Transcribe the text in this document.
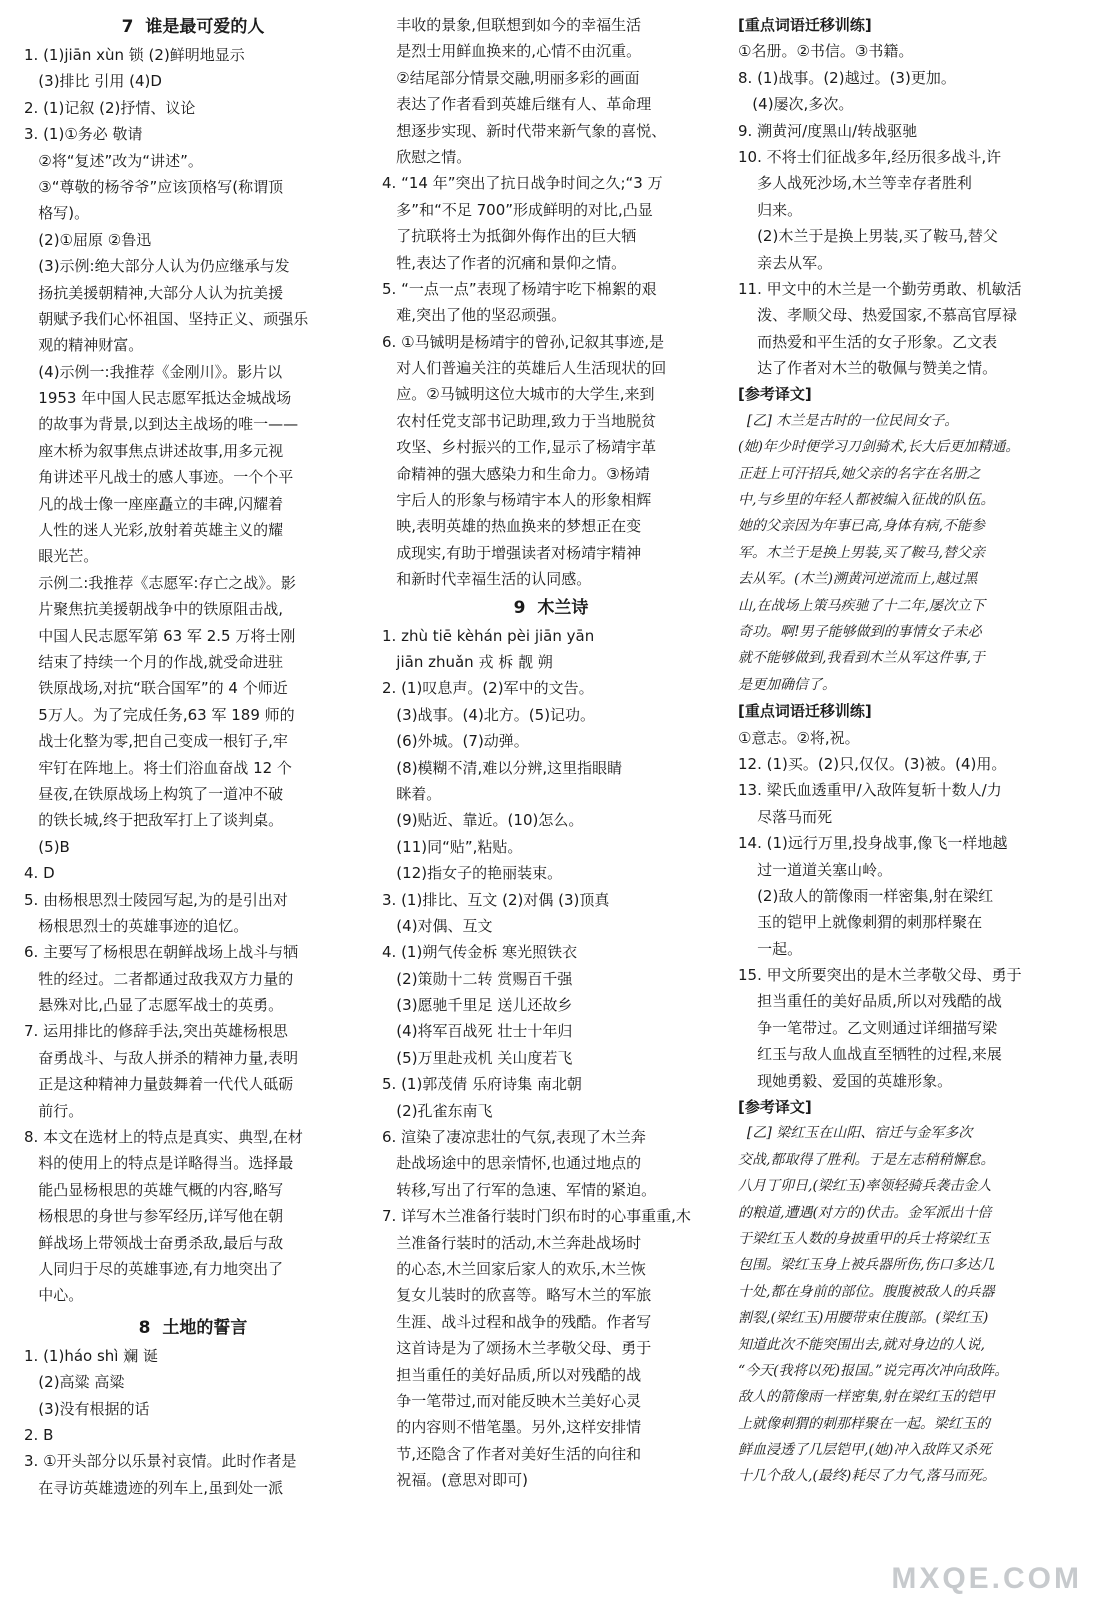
7  谁是最可爱的人
1. (1)jiān xùn 锁 (2)鲜明地显示
(3)排比 引用 (4)D
2. (1)记叙 (2)抒情、议论
3. (1)①务必 敬请
②将“复述”改为“讲述”。
③“尊敬的杨爷爷”应该顶格写(称谓顶
格写)。
(2)①屈原 ②鲁迅
(3)示例:绝大部分人认为仍应继承与发
扬抗美援朝精神,大部分人认为抗美援
朝赋予我们心怀祖国、坚持正义、顽强乐
观的精神财富。
(4)示例一:我推荐《金刚川》。影片以
1953 年中国人民志愿军抵达金城战场
的故事为背景,以到达主战场的唯一——
座木桥为叙事焦点讲述故事,用多元视
角讲述平凡战士的感人事迹。一个个平
凡的战士像一座座矗立的丰碑,闪耀着
人性的迷人光彩,放射着英雄主义的耀
眼光芒。
示例二:我推荐《志愿军:存亡之战》。影
片聚焦抗美援朝战争中的铁原阻击战,
中国人民志愿军第 63 军 2.5 万将士刚
结束了持续一个月的作战,就受命进驻
铁原战场,对抗“联合国军”的 4 个师近
5万人。为了完成任务,63 军 189 师的
战士化整为零,把自己变成一根钉子,牢
牢钉在阵地上。将士们浴血奋战 12 个
昼夜,在铁原战场上构筑了一道冲不破
的铁长城,终于把敌军打上了谈判桌。
(5)B
4. D
5. 由杨根思烈士陵园写起,为的是引出对
杨根思烈士的英雄事迹的追忆。
6. 主要写了杨根思在朝鲜战场上战斗与牺
牲的经过。二者都通过敌我双方力量的
悬殊对比,凸显了志愿军战士的英勇。
7. 运用排比的修辞手法,突出英雄杨根思
奋勇战斗、与敌人拼杀的精神力量,表明
正是这种精神力量鼓舞着一代代人砥砺
前行。
8. 本文在选材上的特点是真实、典型,在材
料的使用上的特点是详略得当。选择最
能凸显杨根思的英雄气概的内容,略写
杨根思的身世与参军经历,详写他在朝
鲜战场上带领战士奋勇杀敌,最后与敌
人同归于尽的英雄事迹,有力地突出了
中心。
8  土地的誓言
1. (1)háo shì 斓 诞
(2)高粱 高粱
(3)没有根据的话
2. B
3. ①开头部分以乐景衬哀情。此时作者是
在寻访英雄遗迹的列车上,虽到处一派
丰收的景象,但联想到如今的幸福生活
是烈士用鲜血换来的,心情不由沉重。
②结尾部分情景交融,明丽多彩的画面
表达了作者看到英雄后继有人、革命理
想逐步实现、新时代带来新气象的喜悦、
欣慰之情。
4. “14 年”突出了抗日战争时间之久;“3 万
多”和“不足 700”形成鲜明的对比,凸显
了抗联将士为抵御外侮作出的巨大牺
牲,表达了作者的沉痛和景仰之情。
5. “一点一点”表现了杨靖宇吃下棉絮的艰
难,突出了他的坚忍顽强。
6. ①马铖明是杨靖宇的曾孙,记叙其事迹,是
对人们普遍关注的英雄后人生活现状的回
应。②马铖明这位大城市的大学生,来到
农村任党支部书记助理,致力于当地脱贫
攻坚、乡村振兴的工作,显示了杨靖宇革
命精神的强大感染力和生命力。③杨靖
宇后人的形象与杨靖宇本人的形象相辉
映,表明英雄的热血换来的梦想正在变
成现实,有助于增强读者对杨靖宇精神
和新时代幸福生活的认同感。
9  木兰诗
1. zhù tiē kèhán pèi jiān yān
jiān zhuǎn 戎 柝 靓 朔
2. (1)叹息声。(2)军中的文告。
(3)战事。(4)北方。(5)记功。
(6)外城。(7)动弹。
(8)模糊不清,难以分辨,这里指眼睛
眯着。
(9)贴近、靠近。(10)怎么。
(11)同“贴”,粘贴。
(12)指女子的艳丽装束。
3. (1)排比、互文 (2)对偶 (3)顶真
(4)对偶、互文
4. (1)朔气传金柝 寒光照铁衣
(2)策勋十二转 赏赐百千强
(3)愿驰千里足 送儿还故乡
(4)将军百战死 壮士十年归
(5)万里赴戎机 关山度若飞
5. (1)郭茂倩 乐府诗集 南北朝
(2)孔雀东南飞
6. 渲染了凄凉悲壮的气氛,表现了木兰奔
赴战场途中的思亲情怀,也通过地点的
转移,写出了行军的急速、军情的紧迫。
7. 详写木兰准备行装时门织布时的心事重重,木
兰准备行装时的活动,木兰奔赴战场时
的心态,木兰回家后家人的欢乐,木兰恢
复女儿装时的欣喜等。略写木兰的军旅
生涯、战斗过程和战争的残酷。作者写
这首诗是为了颂扬木兰孝敬父母、勇于
担当重任的美好品质,所以对残酷的战
争一笔带过,而对能反映木兰美好心灵
的内容则不惜笔墨。另外,这样安排情
节,还隐含了作者对美好生活的向往和
祝福。(意思对即可)
[重点词语迁移训练]
①名册。②书信。③书籍。
8. (1)战事。(2)越过。(3)更加。
(4)屡次,多次。
9. 溯黄河/度黑山/转战驱驰
10. 不将士们征战多年,经历很多战斗,许
多人战死沙场,木兰等幸存者胜利
归来。
(2)木兰于是换上男装,买了鞍马,替父
亲去从军。
11. 甲文中的木兰是一个勤劳勇敢、机敏活
泼、孝顺父母、热爱国家,不慕高官厚禄
而热爱和平生活的女子形象。乙文表
达了作者对木兰的敬佩与赞美之情。
[参考译文]
[乙] 木兰是古时的一位民间女子。
(她)年少时便学习刀剑骑术,长大后更加精通。
正赶上可汗招兵,她父亲的名字在名册之
中,与乡里的年轻人都被编入征战的队伍。
她的父亲因为年事已高,身体有病,不能参
军。木兰于是换上男装,买了鞍马,替父亲
去从军。(木兰)溯黄河逆流而上,越过黑
山,在战场上策马疾驰了十二年,屡次立下
奇功。啊!男子能够做到的事情女子未必
就不能够做到,我看到木兰从军这件事,于
是更加确信了。
[重点词语迁移训练]
①意志。②将,祝。
12. (1)买。(2)只,仅仅。(3)被。(4)用。
13. 梁氏血透重甲/入敌阵复斩十数人/力
尽落马而死
14. (1)远行万里,投身战事,像飞一样地越
过一道道关塞山岭。
(2)敌人的箭像雨一样密集,射在梁红
玉的铠甲上就像刺猬的刺那样聚在
一起。
15. 甲文所要突出的是木兰孝敬父母、勇于
担当重任的美好品质,所以对残酷的战
争一笔带过。乙文则通过详细描写梁
红玉与敌人血战直至牺牲的过程,来展
现她勇毅、爱国的英雄形象。
[参考译文]
[乙] 梁红玉在山阳、宿迁与金军多次
交战,都取得了胜利。于是左志稍稍懈怠。
八月丁卯日,(梁红玉)率领轻骑兵袭击金人
的粮道,遭遇(对方的)伏击。金军派出十倍
于梁红玉人数的身披重甲的兵士将梁红玉
包围。梁红玉身上被兵器所伤,伤口多达几
十处,都在身前的部位。腹腹被敌人的兵器
割裂,(梁红玉)用腰带束住腹部。(梁红玉)
知道此次不能突围出去,就对身边的人说,
“今天(我将以死)报国。”说完再次冲向敌阵。
敌人的箭像雨一样密集,射在梁红玉的铠甲
上就像刺猬的刺那样聚在一起。梁红玉的
鲜血浸透了几层铠甲,(她)冲入敌阵又杀死
十几个敌人,(最终)耗尽了力气,落马而死。
MXQE.COM
